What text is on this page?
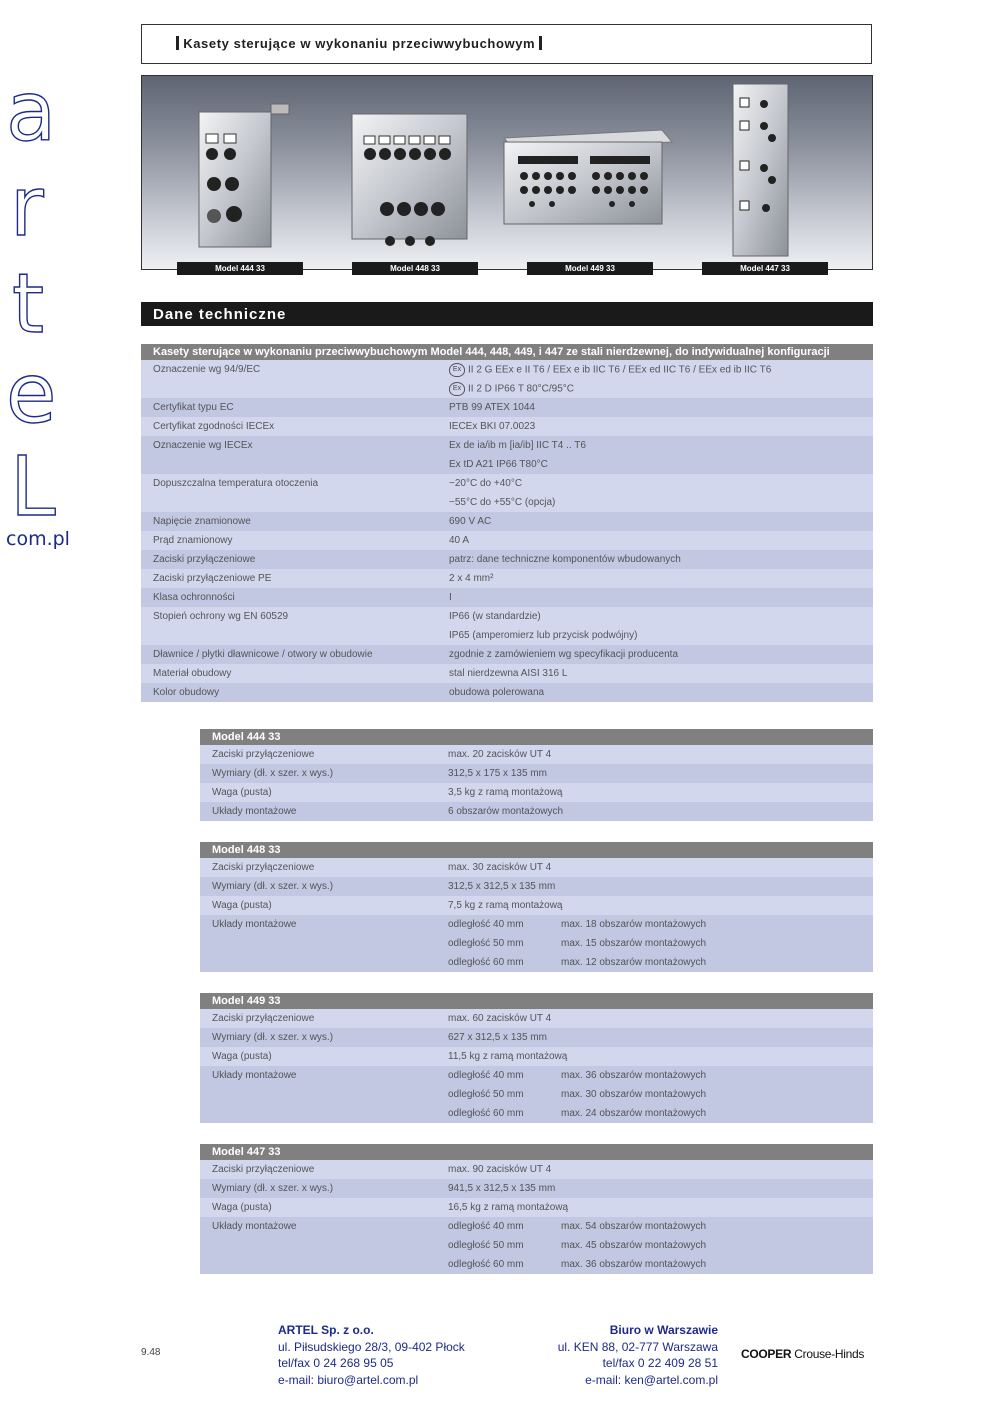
a
r
t
e
L
com.pl
Kasety sterujące w wykonaniu przeciwwybuchowym
Model 444 33	Model 448 33	Model 449 33	Model 447 33
Dane techniczne
Kasety sterujące w wykonaniu przeciwwybuchowym Model 444, 448, 449, i 447 ze stali nierdzewnej, do indywidualnej konfiguracji	
Oznaczenie wg 94/9/EC	Ex II 2 G EEx e II T6 / EEx e ib IIC T6 / EEx ed IIC T6 / EEx ed ib IIC T6
	Ex II 2 D IP66 T 80°C/95°C
Certyfikat typu EC	PTB 99 ATEX 1044
Certyfikat zgodności IECEx	IECEx BKI 07.0023
Oznaczenie wg IECEx	Ex de ia/ib m [ia/ib] IIC T4 .. T6
	Ex tD A21 IP66 T80°C
Dopuszczalna temperatura otoczenia	−20°C do +40°C
	−55°C do +55°C (opcja)
Napięcie znamionowe	690 V AC
Prąd znamionowy	40 A
Zaciski przyłączeniowe	patrz: dane techniczne komponentów wbudowanych
Zaciski przyłączeniowe PE	2 x 4 mm²
Klasa ochronności	I
Stopień ochrony wg EN 60529	IP66 (w standardzie)
	IP65 (amperomierz lub przycisk podwójny)
Dławnice / płytki dławnicowe / otwory w obudowie	zgodnie z zamówieniem wg specyfikacji producenta
Materiał obudowy	stal nierdzewna AISI 316 L
Kolor obudowy	obudowa polerowana
Model 444 33	
Zaciski przyłączeniowe	max. 20 zacisków UT 4
Wymiary (dł. x szer. x wys.)	312,5 x 175 x 135 mm
Waga (pusta)	3,5 kg z ramą montażową
Układy montażowe	6 obszarów montażowych
Model 448 33	
Zaciski przyłączeniowe	max. 30 zacisków UT 4
Wymiary (dł. x szer. x wys.)	312,5 x 312,5 x 135 mm
Waga (pusta)	7,5 kg z ramą montażową
Układy montażowe	odległość 40 mm max. 18 obszarów montażowych
	odległość 50 mm max. 15 obszarów montażowych
	odległość 60 mm max. 12 obszarów montażowych
Model 449 33	
Zaciski przyłączeniowe	max. 60 zacisków UT 4
Wymiary (dł. x szer. x wys.)	627 x 312,5 x 135 mm
Waga (pusta)	11,5 kg z ramą montażową
Układy montażowe	odległość 40 mm max. 36 obszarów montażowych
	odległość 50 mm max. 30 obszarów montażowych
	odległość 60 mm max. 24 obszarów montażowych
Model 447 33	
Zaciski przyłączeniowe	max. 90 zacisków UT 4
Wymiary (dł. x szer. x wys.)	941,5 x 312,5 x 135 mm
Waga (pusta)	16,5 kg z ramą montażową
Układy montażowe	odległość 40 mm max. 54 obszarów montażowych
	odległość 50 mm max. 45 obszarów montażowych
	odległość 60 mm max. 36 obszarów montażowych
9.48
ARTEL Sp. z o.o.
ul. Piłsudskiego 28/3, 09-402 Płock
tel/fax 0 24 268 95 05
e-mail: biuro@artel.com.pl
Biuro w Warszawie
ul. KEN 88, 02-777 Warszawa
tel/fax 0 22 409 28 51
e-mail: ken@artel.com.pl
COOPER Crouse-Hinds
